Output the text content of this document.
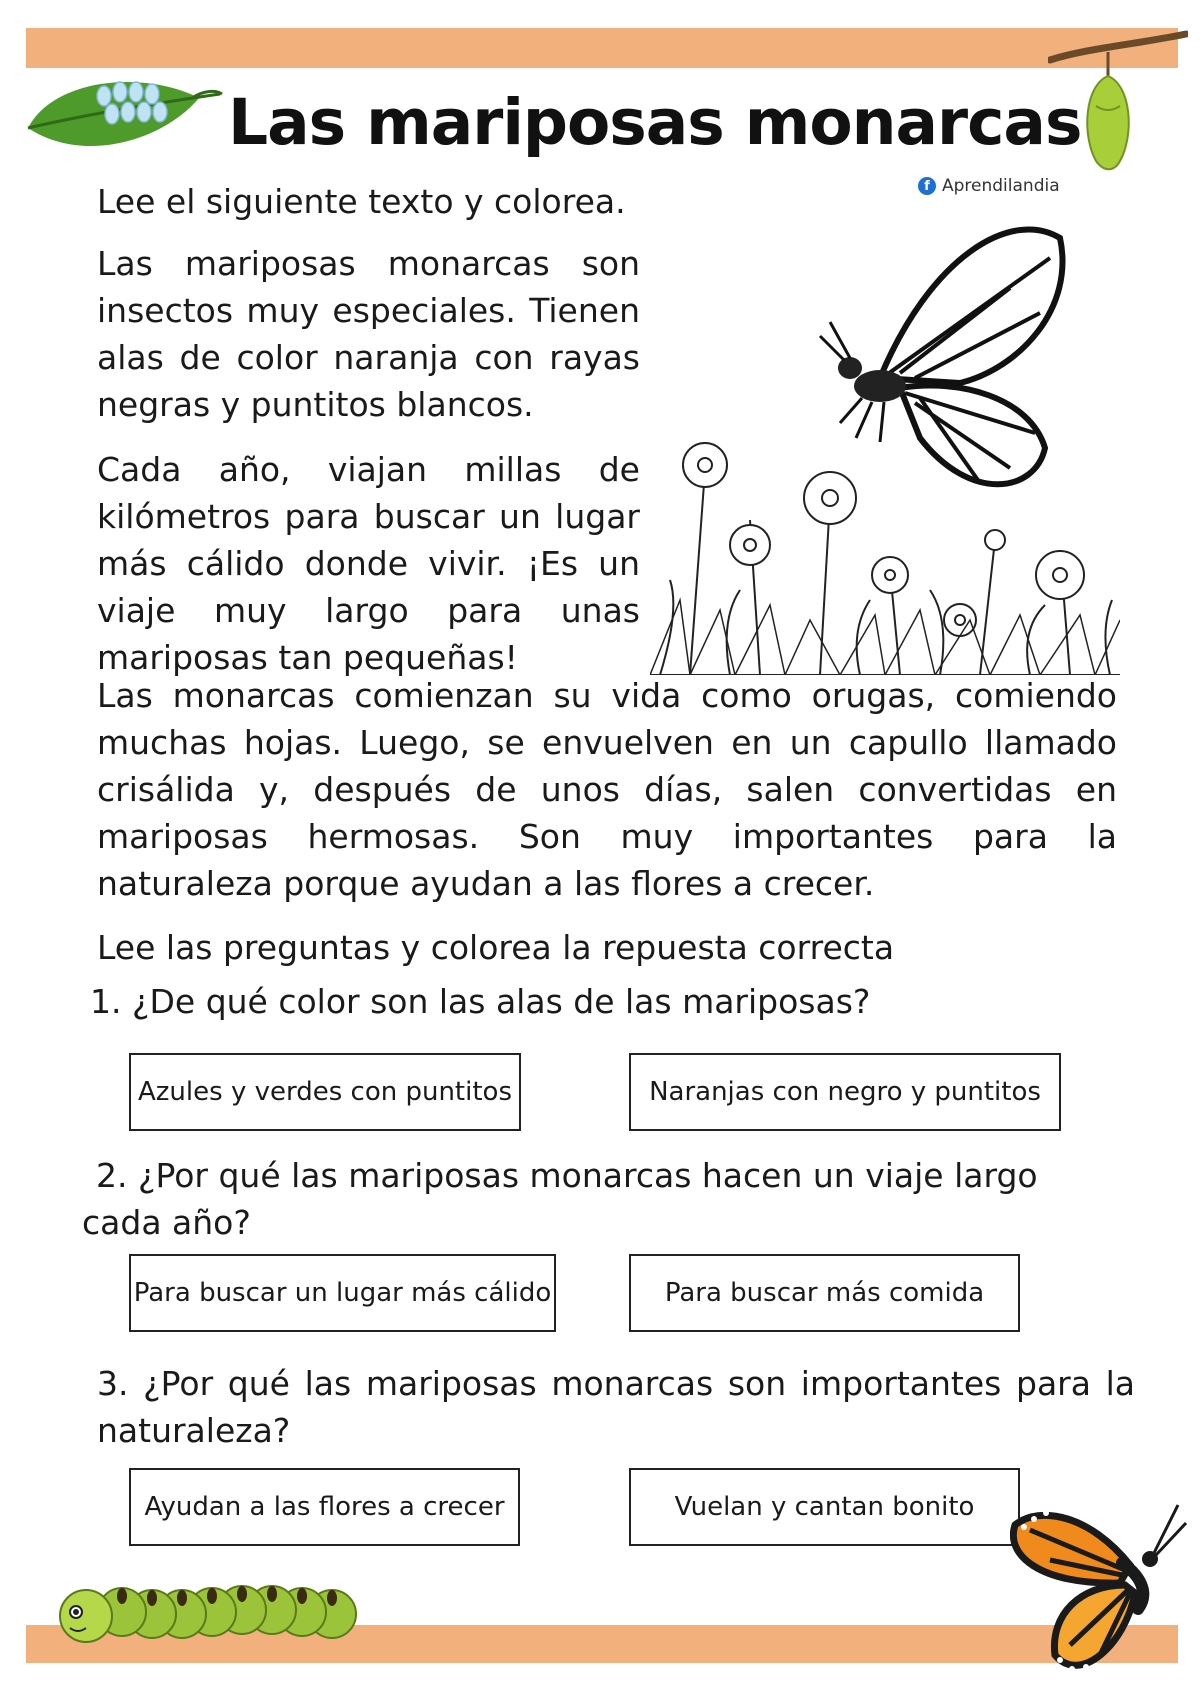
Las mariposas monarcas
f Aprendilandia
Lee el siguiente texto y colorea.
Las mariposas monarcas son insectos muy especiales. Tienen alas de color naranja con rayas negras y puntitos blancos.
Cada año, viajan millas de kilómetros para buscar un lugar más cálido donde vivir. ¡Es un viaje muy largo para unas mariposas tan pequeñas!
Las monarcas comienzan su vida como orugas, comiendo muchas hojas. Luego, se envuelven en un capullo llamado crisálida y, después de unos días, salen convertidas en mariposas hermosas. Son muy importantes para la naturaleza porque ayudan a las flores a crecer.
Lee las preguntas y colorea la repuesta correcta
1. ¿De qué color son las alas de las mariposas?
Azules y verdes con puntitos	Naranjas con negro y puntitos
2. ¿Por qué las mariposas monarcas hacen un viaje largo cada año?
Para buscar un lugar más cálido	Para buscar más comida
3. ¿Por qué las mariposas monarcas son importantes para la naturaleza?
Ayudan a las flores a crecer	Vuelan y cantan bonito
